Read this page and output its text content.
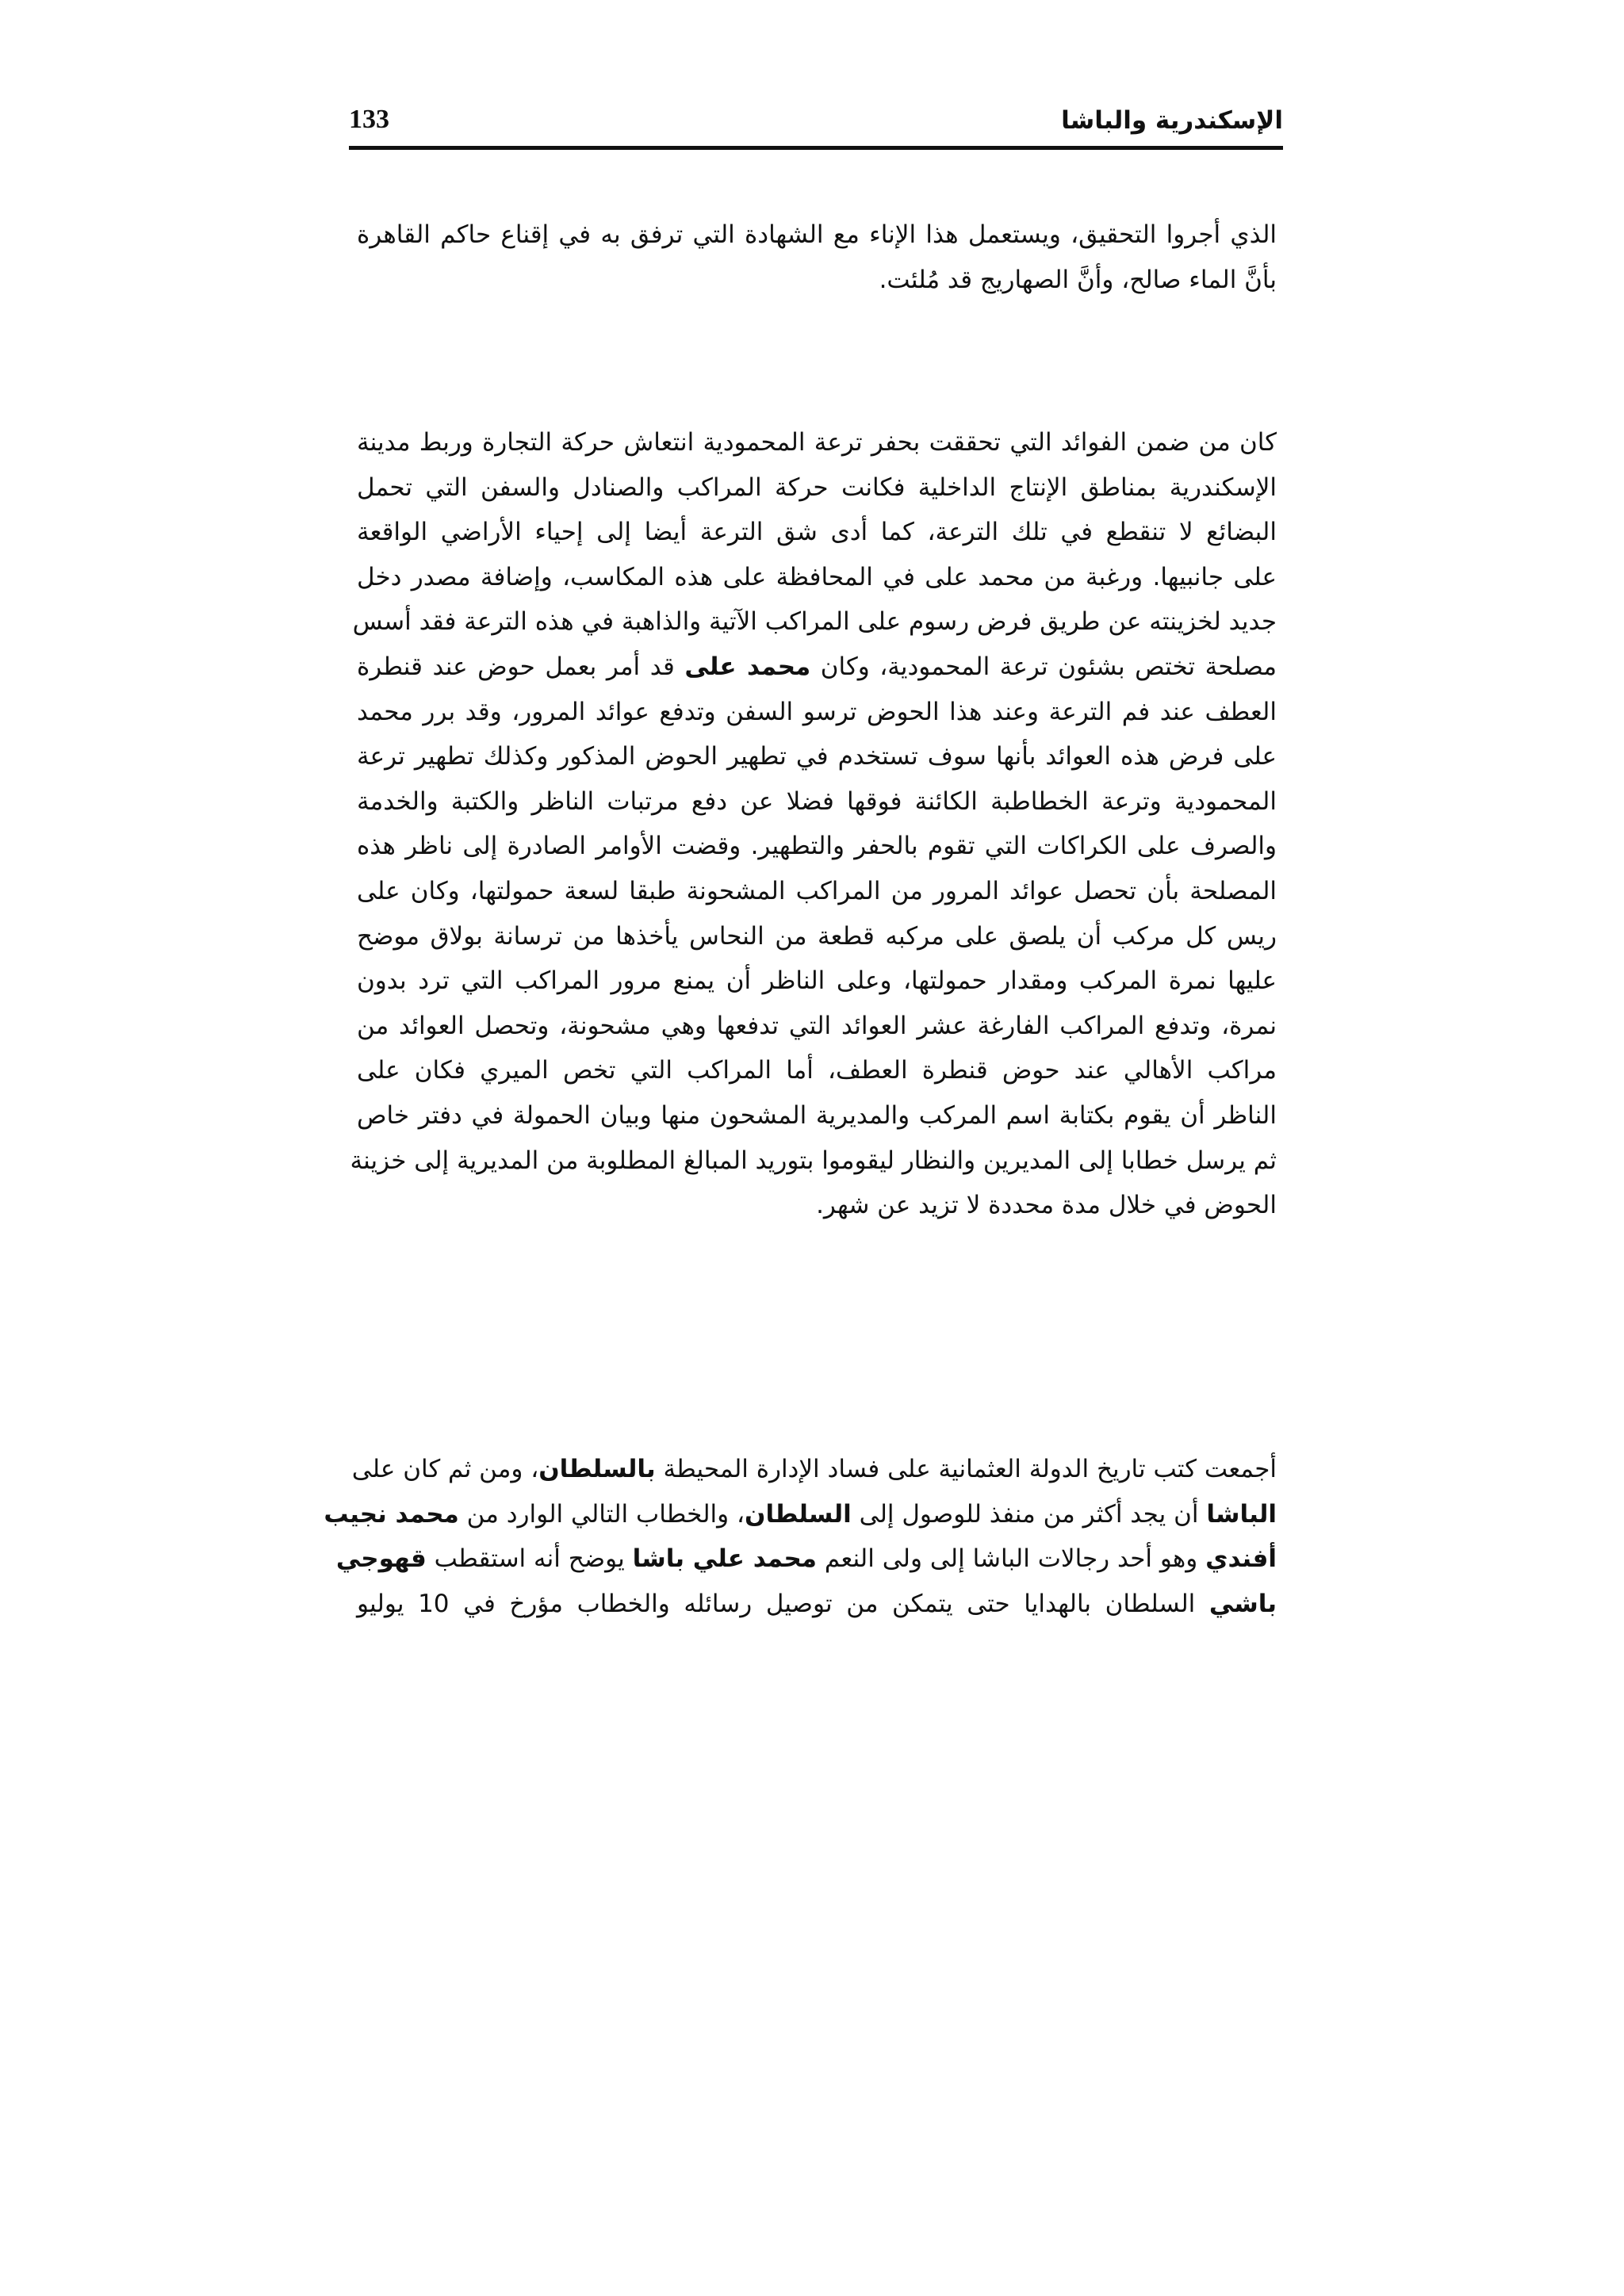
الإسكندرية والباشا
133
الذي أجروا التحقيق، ويستعمل هذا الإناء مع الشهادة التي ترفق به في إقناع حاكم القاهرة
بأنَّ الماء صالح، وأنَّ الصهاريج قد مُلئت.
كان من ضمن الفوائد التي تحققت بحفر ترعة المحمودية انتعاش حركة التجارة وربط مدينة
الإسكندرية بمناطق الإنتاج الداخلية فكانت حركة المراكب والصنادل والسفن التي تحمل
البضائع لا تنقطع في تلك الترعة، كما أدى شق الترعة أيضا إلى إحياء الأراضي الواقعة
على جانبيها. ورغبة من محمد على في المحافظة على هذه المكاسب، وإضافة مصدر دخل
جديد لخزينته عن طريق فرض رسوم على المراكب الآتية والذاهبة في هذه الترعة فقد أسس
مصلحة تختص بشئون ترعة المحمودية، وكان محمد على قد أمر بعمل حوض عند قنطرة
العطف عند فم الترعة وعند هذا الحوض ترسو السفن وتدفع عوائد المرور، وقد برر محمد
على فرض هذه العوائد بأنها سوف تستخدم في تطهير الحوض المذكور وكذلك تطهير ترعة
المحمودية وترعة الخطاطبة الكائنة فوقها فضلا عن دفع مرتبات الناظر والكتبة والخدمة
والصرف على الكراكات التي تقوم بالحفر والتطهير. وقضت الأوامر الصادرة إلى ناظر هذه
المصلحة بأن تحصل عوائد المرور من المراكب المشحونة طبقا لسعة حمولتها، وكان على
ريس كل مركب أن يلصق على مركبه قطعة من النحاس يأخذها من ترسانة بولاق موضح
عليها نمرة المركب ومقدار حمولتها، وعلى الناظر أن يمنع مرور المراكب التي ترد بدون
نمرة، وتدفع المراكب الفارغة عشر العوائد التي تدفعها وهي مشحونة، وتحصل العوائد من
مراكب الأهالي عند حوض قنطرة العطف، أما المراكب التي تخص الميري فكان على
الناظر أن يقوم بكتابة اسم المركب والمديرية المشحون منها وبيان الحمولة في دفتر خاص
ثم يرسل خطابا إلى المديرين والنظار ليقوموا بتوريد المبالغ المطلوبة من المديرية إلى خزينة
الحوض في خلال مدة محددة لا تزيد عن شهر.
أجمعت كتب تاريخ الدولة العثمانية على فساد الإدارة المحيطة بالسلطان، ومن ثم كان على
الباشا أن يجد أكثر من منفذ للوصول إلى السلطان، والخطاب التالي الوارد من محمد نجيب
أفندي وهو أحد رجالات الباشا إلى ولى النعم محمد علي باشا يوضح أنه استقطب قهوجي
باشي السلطان بالهدايا حتى يتمكن من توصيل رسائله والخطاب مؤرخ في 10 يوليو
